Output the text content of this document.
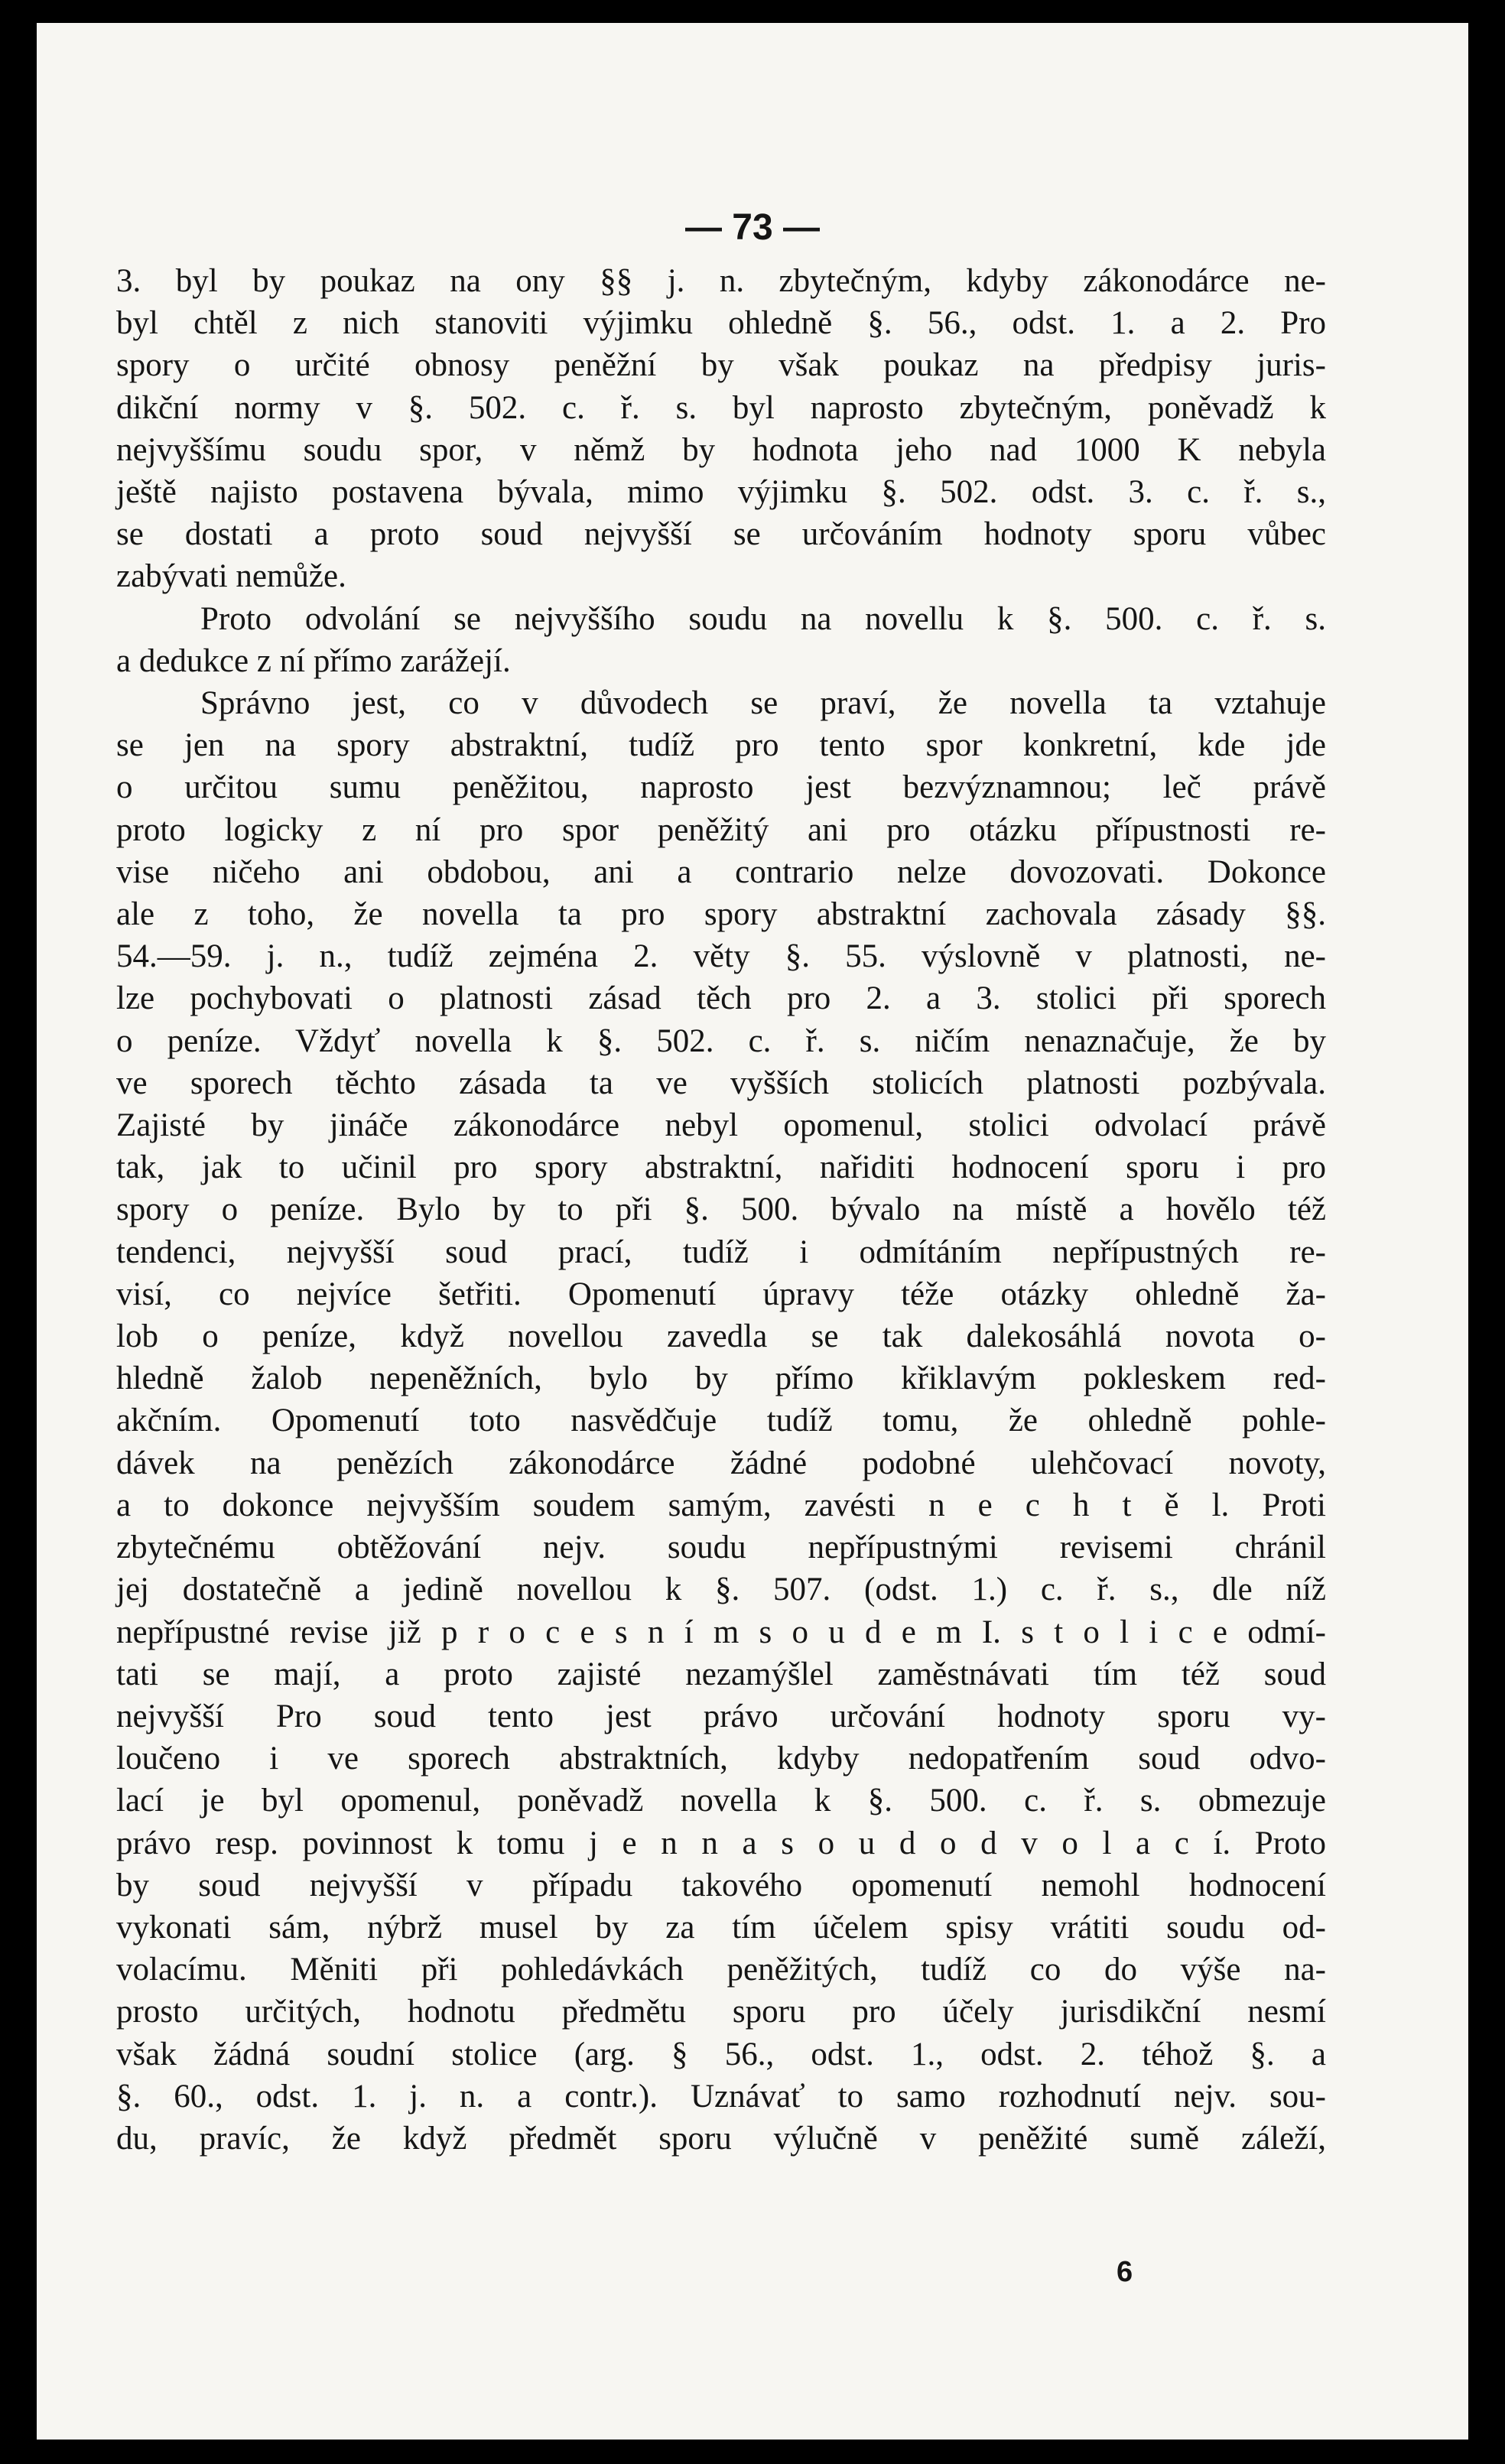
— 73 —
3. byl by poukaz na ony §§ j. n. zbytečným, kdyby zákonodárce ne-
byl chtěl z nich stanoviti výjimku ohledně §. 56., odst. 1. a 2. Pro
spory o určité obnosy peněžní by však poukaz na předpisy juris-
dikční normy v §. 502. c. ř. s. byl naprosto zbytečným, poněvadž k
nejvyššímu soudu spor, v němž by hodnota jeho nad 1000 K nebyla
ještě najisto postavena bývala, mimo výjimku §. 502. odst. 3. c. ř. s.,
se dostati a proto soud nejvyšší se určováním hodnoty sporu vůbec
zabývati nemůže.
Proto odvolání se nejvyššího soudu na novellu k §. 500. c. ř. s.
a dedukce z ní přímo zarážejí.
Správno jest, co v důvodech se praví, že novella ta vztahuje
se jen na spory abstraktní, tudíž pro tento spor konkretní, kde jde
o určitou sumu peněžitou, naprosto jest bezvýznamnou; leč právě
proto logicky z ní pro spor peněžitý ani pro otázku přípustnosti re-
vise ničeho ani obdobou, ani a contrario nelze dovozovati. Dokonce
ale z toho, že novella ta pro spory abstraktní zachovala zásady §§.
54.—59. j. n., tudíž zejména 2. věty §. 55. výslovně v platnosti, ne-
lze pochybovati o platnosti zásad těch pro 2. a 3. stolici při sporech
o peníze. Vždyť novella k §. 502. c. ř. s. ničím nenaznačuje, že by
ve sporech těchto zásada ta ve vyšších stolicích platnosti pozbývala.
Zajisté by jináče zákonodárce nebyl opomenul, stolici odvolací právě
tak, jak to učinil pro spory abstraktní, nařiditi hodnocení sporu i pro
spory o peníze. Bylo by to při §. 500. bývalo na místě a hovělo též
tendenci, nejvyšší soud prací, tudíž i odmítáním nepřípustných re-
visí, co nejvíce šetřiti. Opomenutí úpravy téže otázky ohledně ža-
lob o peníze, když novellou zavedla se tak dalekosáhlá novota o-
hledně žalob nepeněžních, bylo by přímo křiklavým pokleskem red-
akčním. Opomenutí toto nasvědčuje tudíž tomu, že ohledně pohle-
dávek na penězích zákonodárce žádné podobné ulehčovací novoty,
a to dokonce nejvyšším soudem samým, zavésti n e c h t ě l. Proti
zbytečnému obtěžování nejv. soudu nepřípustnými revisemi chránil
jej dostatečně a jedině novellou k §. 507. (odst. 1.) c. ř. s., dle níž
nepřípustné revise již p r o c e s n í m s o u d e m I. s t o l i c e odmí-
tati se mají, a proto zajisté nezamýšlel zaměstnávati tím též soud
nejvyšší Pro soud tento jest právo určování hodnoty sporu vy-
loučeno i ve sporech abstraktních, kdyby nedopatřením soud odvo-
lací je byl opomenul, poněvadž novella k §. 500. c. ř. s. obmezuje
právo resp. povinnost k tomu j e n n a s o u d o d v o l a c í. Proto
by soud nejvyšší v případu takového opomenutí nemohl hodnocení
vykonati sám, nýbrž musel by za tím účelem spisy vrátiti soudu od-
volacímu. Měniti při pohledávkách peněžitých, tudíž co do výše na-
prosto určitých, hodnotu předmětu sporu pro účely jurisdikční nesmí
však žádná soudní stolice (arg. § 56., odst. 1., odst. 2. téhož §. a
§. 60., odst. 1. j. n. a contr.). Uznávať to samo rozhodnutí nejv. sou-
du, pravíc, že když předmět sporu výlučně v peněžité sumě záleží,
6
